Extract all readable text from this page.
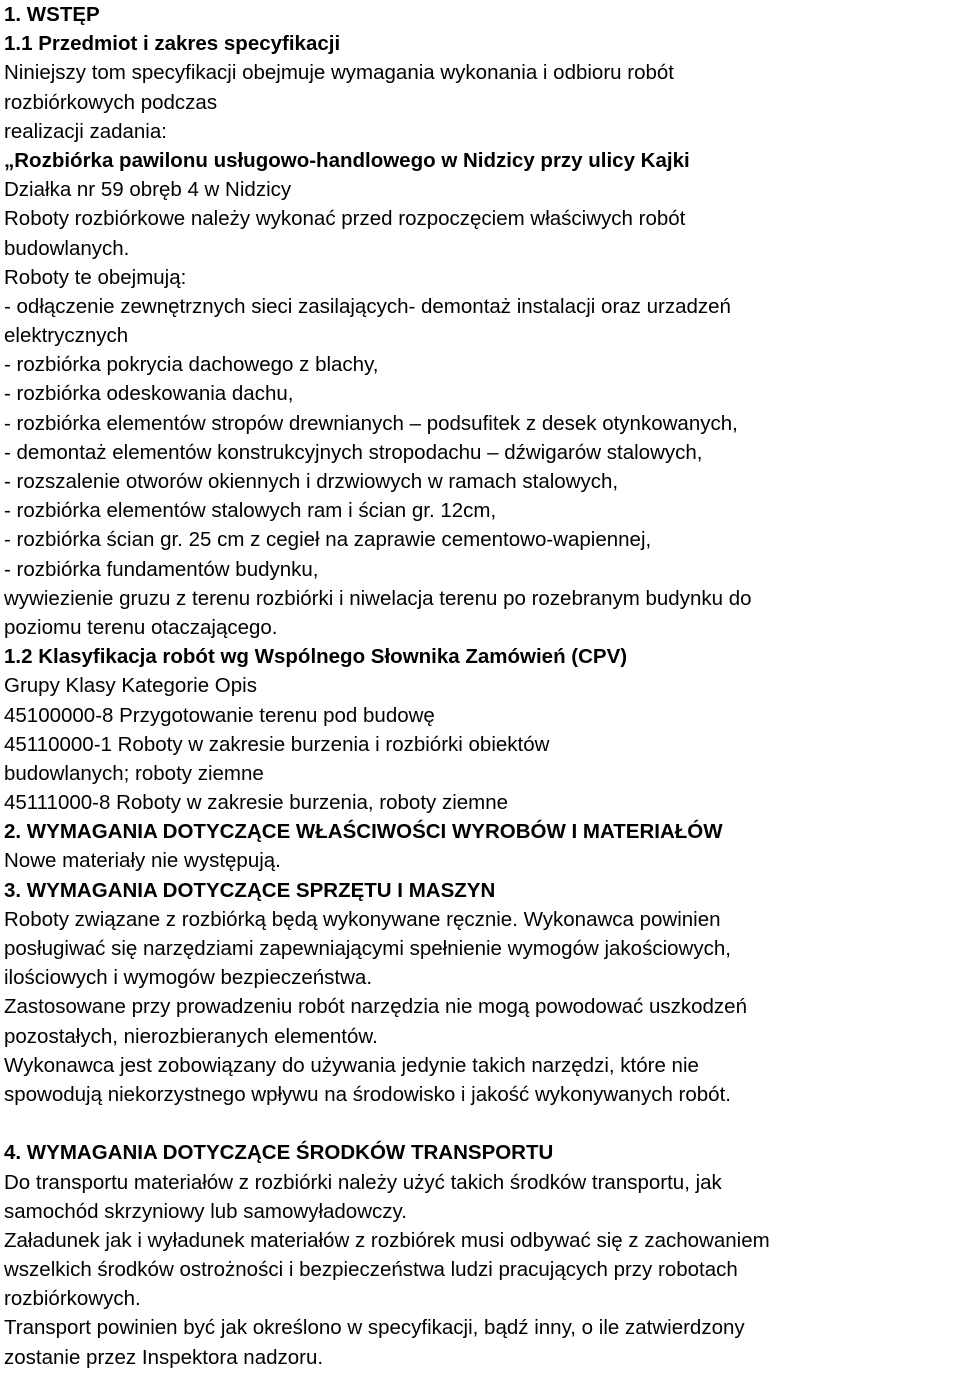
1. WSTĘP
1.1 Przedmiot i zakres specyfikacji
Niniejszy tom specyfikacji obejmuje wymagania wykonania i odbioru robót
rozbiórkowych podczas
realizacji zadania:
„Rozbiórka pawilonu usługowo-handlowego w Nidzicy przy ulicy Kajki
Działka nr 59 obręb 4 w Nidzicy
Roboty rozbiórkowe należy wykonać przed rozpoczęciem właściwych robót
budowlanych.
Roboty te obejmują:
- odłączenie zewnętrznych sieci zasilających- demontaż instalacji oraz urzadzeń
elektrycznych
- rozbiórka pokrycia dachowego z blachy,
- rozbiórka odeskowania dachu,
- rozbiórka elementów stropów drewnianych – podsufitek z desek otynkowanych,
- demontaż elementów konstrukcyjnych stropodachu – dźwigarów stalowych,
- rozszalenie otworów okiennych i drzwiowych w ramach stalowych,
- rozbiórka elementów stalowych ram i ścian gr. 12cm,
- rozbiórka ścian gr. 25 cm z cegieł na zaprawie cementowo-wapiennej,
- rozbiórka fundamentów budynku,
wywiezienie gruzu z terenu rozbiórki i niwelacja terenu po rozebranym budynku do
poziomu terenu otaczającego.
1.2 Klasyfikacja robót wg Wspólnego Słownika Zamówień (CPV)
Grupy Klasy Kategorie Opis
45100000-8 Przygotowanie terenu pod budowę
45110000-1 Roboty w zakresie burzenia i rozbiórki obiektów
budowlanych; roboty ziemne
45111000-8 Roboty w zakresie burzenia, roboty ziemne
2. WYMAGANIA DOTYCZĄCE WŁAŚCIWOŚCI WYROBÓW I MATERIAŁÓW
Nowe materiały nie występują.
3. WYMAGANIA DOTYCZĄCE SPRZĘTU I MASZYN
Roboty związane z rozbiórką będą wykonywane ręcznie. Wykonawca powinien
posługiwać się narzędziami zapewniającymi spełnienie wymogów jakościowych,
ilościowych i wymogów bezpieczeństwa.
Zastosowane przy prowadzeniu robót narzędzia nie mogą powodować uszkodzeń
pozostałych, nierozbieranych elementów.
Wykonawca jest zobowiązany do używania jedynie takich narzędzi, które nie
spowodują niekorzystnego wpływu na środowisko i jakość wykonywanych robót.
4. WYMAGANIA DOTYCZĄCE ŚRODKÓW TRANSPORTU
Do transportu materiałów z rozbiórki należy użyć takich środków transportu, jak
samochód skrzyniowy lub samowyładowczy.
Załadunek jak i wyładunek materiałów z rozbiórek musi odbywać się z zachowaniem
wszelkich środków ostrożności i bezpieczeństwa ludzi pracujących przy robotach
rozbiórkowych.
Transport powinien być jak określono w specyfikacji, bądź inny, o ile zatwierdzony
zostanie przez Inspektora nadzoru.
